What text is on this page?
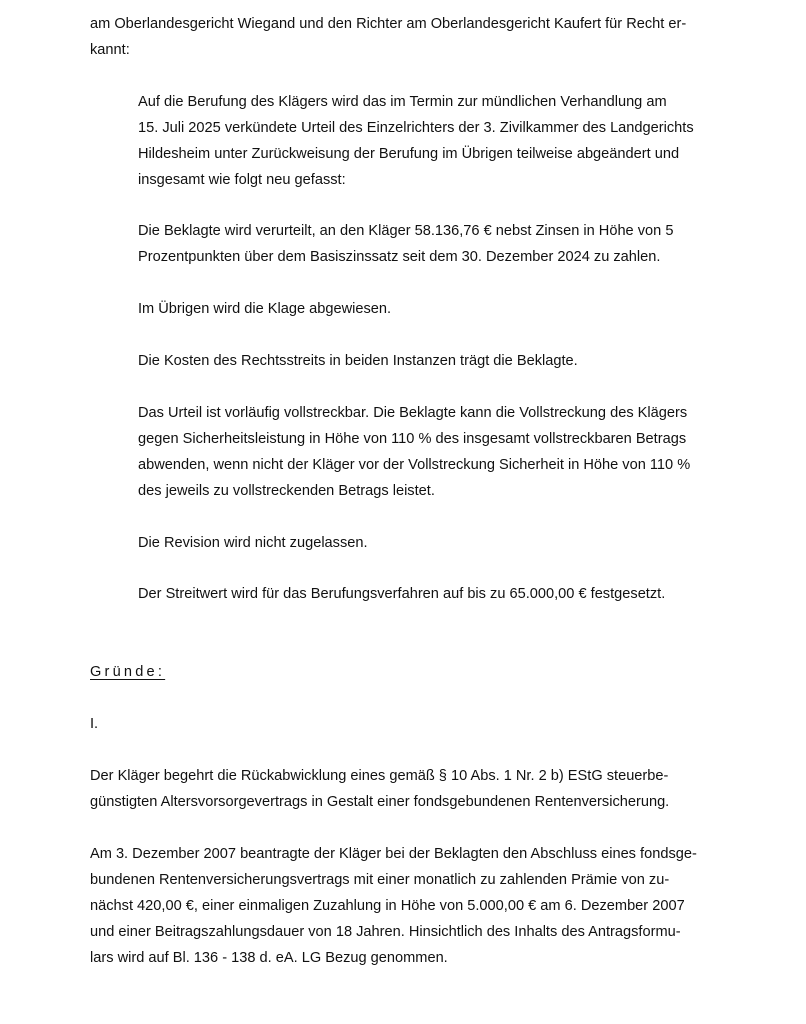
am Oberlandesgericht Wiegand und den Richter am Oberlandesgericht Kaufert für Recht er-
kannt:
Auf die Berufung des Klägers wird das im Termin zur mündlichen Verhandlung am
15. Juli 2025 verkündete Urteil des Einzelrichters der 3. Zivilkammer des Landgerichts
Hildesheim unter Zurückweisung der Berufung im Übrigen teilweise abgeändert und
insgesamt wie folgt neu gefasst:
Die Beklagte wird verurteilt, an den Kläger 58.136,76 € nebst Zinsen in Höhe von 5
Prozentpunkten über dem Basiszinssatz seit dem 30. Dezember 2024 zu zahlen.
Im Übrigen wird die Klage abgewiesen.
Die Kosten des Rechtsstreits in beiden Instanzen trägt die Beklagte.
Das Urteil ist vorläufig vollstreckbar. Die Beklagte kann die Vollstreckung des Klägers
gegen Sicherheitsleistung in Höhe von 110 % des insgesamt vollstreckbaren Betrags
abwenden, wenn nicht der Kläger vor der Vollstreckung Sicherheit in Höhe von 110 %
des jeweils zu vollstreckenden Betrags leistet.
Die Revision wird nicht zugelassen.
Der Streitwert wird für das Berufungsverfahren auf bis zu 65.000,00 € festgesetzt.
Gründe:
I.
Der Kläger begehrt die Rückabwicklung eines gemäß § 10 Abs. 1 Nr. 2 b) EStG steuerbe-
günstigten Altersvorsorgevertrags in Gestalt einer fondsgebundenen Rentenversicherung.
Am 3. Dezember 2007 beantragte der Kläger bei der Beklagten den Abschluss eines fondsge-
bundenen Rentenversicherungsvertrags mit einer monatlich zu zahlenden Prämie von zu-
nächst 420,00 €, einer einmaligen Zuzahlung in Höhe von 5.000,00 € am 6. Dezember 2007
und einer Beitragszahlungsdauer von 18 Jahren. Hinsichtlich des Inhalts des Antragsformu-
lars wird auf Bl. 136 - 138 d. eA. LG Bezug genommen.
